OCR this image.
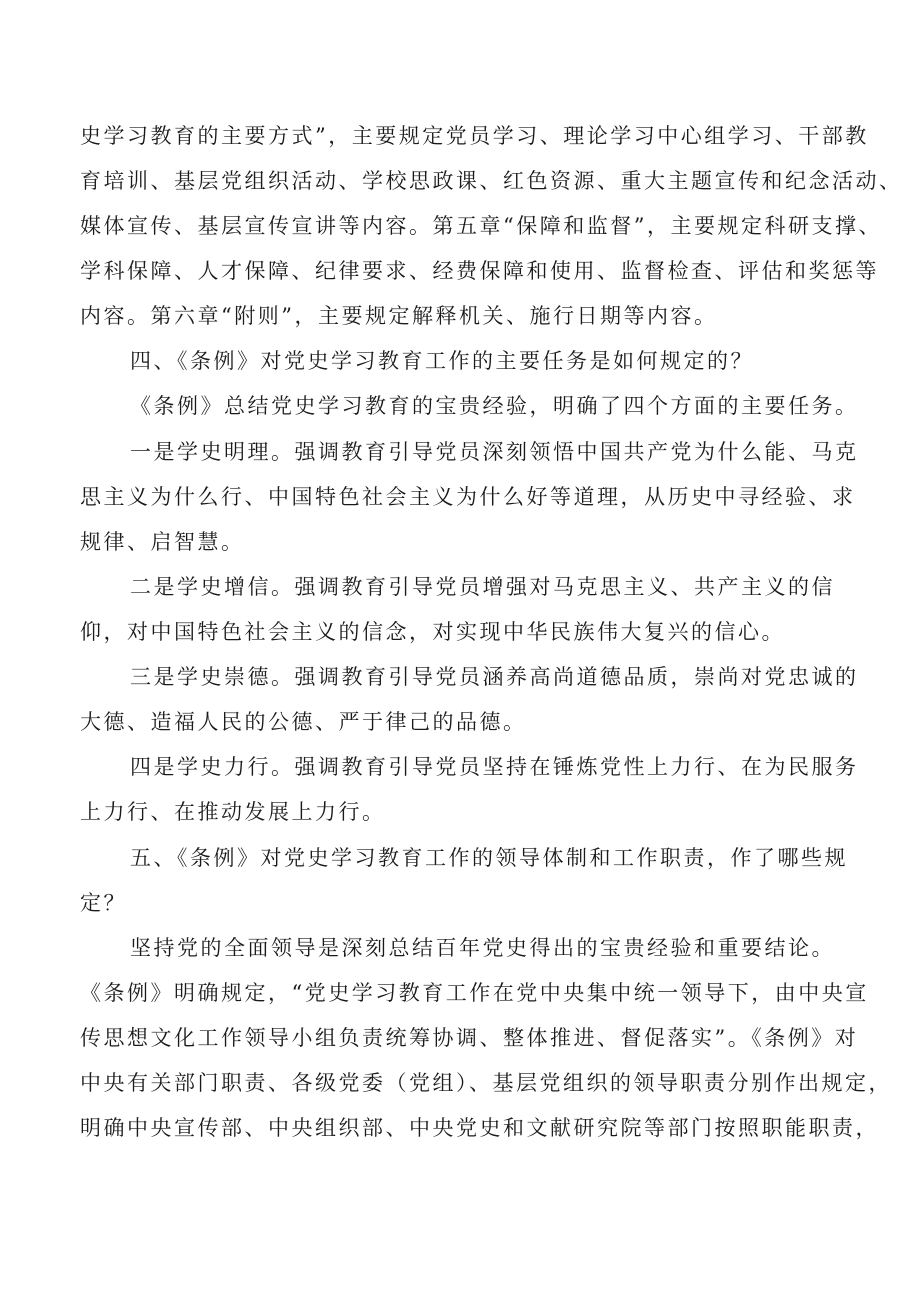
史学习教育的主要方式”，主要规定党员学习、理论学习中心组学习、干部教
育培训、基层党组织活动、学校思政课、红色资源、重大主题宣传和纪念活动、
媒体宣传、基层宣传宣讲等内容。第五章“保障和监督”，主要规定科研支撑、
学科保障、人才保障、纪律要求、经费保障和使用、监督检查、评估和奖惩等
内容。第六章“附则”，主要规定解释机关、施行日期等内容。
四、《条例》对党史学习教育工作的主要任务是如何规定的？
《条例》总结党史学习教育的宝贵经验，明确了四个方面的主要任务。
一是学史明理。强调教育引导党员深刻领悟中国共产党为什么能、马克
思主义为什么行、中国特色社会主义为什么好等道理，从历史中寻经验、求
规律、启智慧。
二是学史增信。强调教育引导党员增强对马克思主义、共产主义的信
仰，对中国特色社会主义的信念，对实现中华民族伟大复兴的信心。
三是学史崇德。强调教育引导党员涵养高尚道德品质，崇尚对党忠诚的
大德、造福人民的公德、严于律己的品德。
四是学史力行。强调教育引导党员坚持在锤炼党性上力行、在为民服务
上力行、在推动发展上力行。
五、《条例》对党史学习教育工作的领导体制和工作职责，作了哪些规
定？
坚持党的全面领导是深刻总结百年党史得出的宝贵经验和重要结论。
《条例》明确规定，“党史学习教育工作在党中央集中统一领导下，由中央宣
传思想文化工作领导小组负责统筹协调、整体推进、督促落实”。《条例》对
中央有关部门职责、各级党委（党组）、基层党组织的领导职责分别作出规定，
明确中央宣传部、中央组织部、中央党史和文献研究院等部门按照职能职责，
